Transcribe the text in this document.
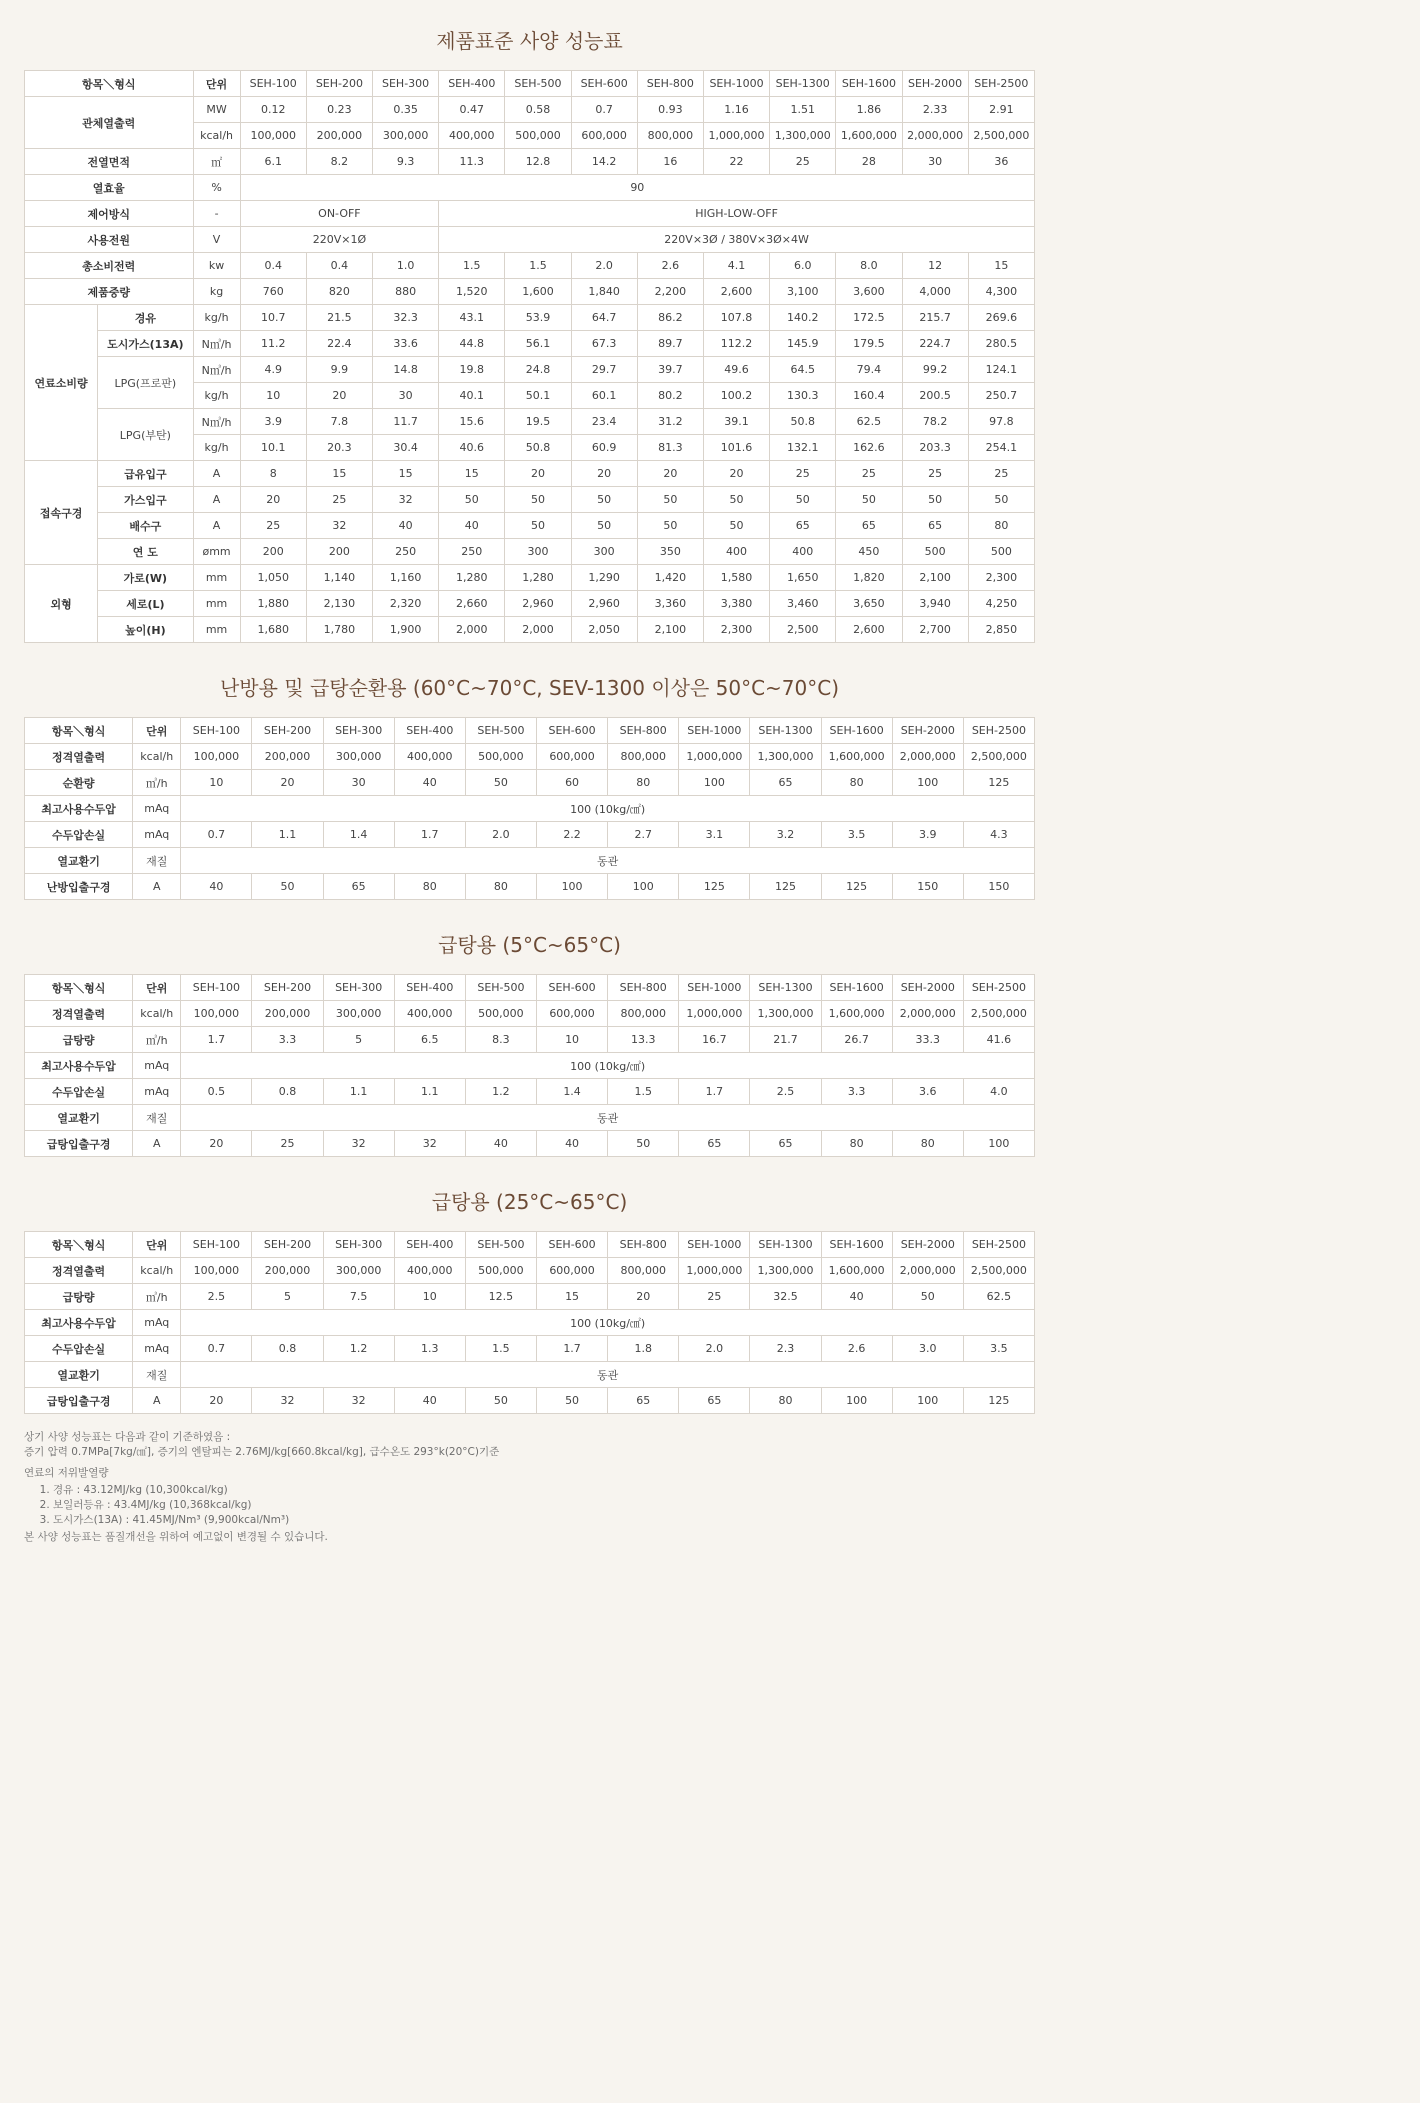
제품표준 사양 성능표
항목＼형식		단위	SEH-100	SEH-200	SEH-300	SEH-400	SEH-500	SEH-600	SEH-800	SEH-1000	SEH-1300	SEH-1600	SEH-2000	SEH-2500
관체열출력		MW	0.12	0.23	0.35	0.47	0.58	0.7	0.93	1.16	1.51	1.86	2.33	2.91
		kcal/h	100,000	200,000	300,000	400,000	500,000	600,000	800,000	1,000,000	1,300,000	1,600,000	2,000,000	2,500,000
전열면적		㎡	6.1	8.2	9.3	11.3	12.8	14.2	16	22	25	28	30	36
열효율		%	90											
제어방식		-	ON-OFF			HIGH-LOW-OFF								
사용전원		V	220V×1Ø			220V×3Ø / 380V×3Ø×4W								
총소비전력		kw	0.4	0.4	1.0	1.5	1.5	2.0	2.6	4.1	6.0	8.0	12	15
제품중량		kg	760	820	880	1,520	1,600	1,840	2,200	2,600	3,100	3,600	4,000	4,300
연료소비량	경유	kg/h	10.7	21.5	32.3	43.1	53.9	64.7	86.2	107.8	140.2	172.5	215.7	269.6
	도시가스(13A)	N㎥/h	11.2	22.4	33.6	44.8	56.1	67.3	89.7	112.2	145.9	179.5	224.7	280.5
	LPG(프로판)	N㎥/h	4.9	9.9	14.8	19.8	24.8	29.7	39.7	49.6	64.5	79.4	99.2	124.1
		kg/h	10	20	30	40.1	50.1	60.1	80.2	100.2	130.3	160.4	200.5	250.7
	LPG(부탄)	N㎥/h	3.9	7.8	11.7	15.6	19.5	23.4	31.2	39.1	50.8	62.5	78.2	97.8
		kg/h	10.1	20.3	30.4	40.6	50.8	60.9	81.3	101.6	132.1	162.6	203.3	254.1
접속구경	급유입구	A	8	15	15	15	20	20	20	20	25	25	25	25
	가스입구	A	20	25	32	50	50	50	50	50	50	50	50	50
	배수구	A	25	32	40	40	50	50	50	50	65	65	65	80
	연 도	ømm	200	200	250	250	300	300	350	400	400	450	500	500
외형	가로(W)	mm	1,050	1,140	1,160	1,280	1,280	1,290	1,420	1,580	1,650	1,820	2,100	2,300
	세로(L)	mm	1,880	2,130	2,320	2,660	2,960	2,960	3,360	3,380	3,460	3,650	3,940	4,250
	높이(H)	mm	1,680	1,780	1,900	2,000	2,000	2,050	2,100	2,300	2,500	2,600	2,700	2,850
난방용 및 급탕순환용 (60°C~70°C, SEV-1300 이상은 50°C~70°C)
항목＼형식	단위	SEH-100	SEH-200	SEH-300	SEH-400	SEH-500	SEH-600	SEH-800	SEH-1000	SEH-1300	SEH-1600	SEH-2000	SEH-2500
정격열출력	kcal/h	100,000	200,000	300,000	400,000	500,000	600,000	800,000	1,000,000	1,300,000	1,600,000	2,000,000	2,500,000
순환량	㎥/h	10	20	30	40	50	60	80	100	65	80	100	125
최고사용수두압	mAq	100 (10kg/㎠)											
수두압손실	mAq	0.7	1.1	1.4	1.7	2.0	2.2	2.7	3.1	3.2	3.5	3.9	4.3
열교환기	재질	동관											
난방입출구경	A	40	50	65	80	80	100	100	125	125	125	150	150
급탕용 (5°C~65°C)
항목＼형식	단위	SEH-100	SEH-200	SEH-300	SEH-400	SEH-500	SEH-600	SEH-800	SEH-1000	SEH-1300	SEH-1600	SEH-2000	SEH-2500
정격열출력	kcal/h	100,000	200,000	300,000	400,000	500,000	600,000	800,000	1,000,000	1,300,000	1,600,000	2,000,000	2,500,000
급탕량	㎥/h	1.7	3.3	5	6.5	8.3	10	13.3	16.7	21.7	26.7	33.3	41.6
최고사용수두압	mAq	100 (10kg/㎠)											
수두압손실	mAq	0.5	0.8	1.1	1.1	1.2	1.4	1.5	1.7	2.5	3.3	3.6	4.0
열교환기	재질	동관											
급탕입출구경	A	20	25	32	32	40	40	50	65	65	80	80	100
급탕용 (25°C~65°C)
항목＼형식	단위	SEH-100	SEH-200	SEH-300	SEH-400	SEH-500	SEH-600	SEH-800	SEH-1000	SEH-1300	SEH-1600	SEH-2000	SEH-2500
정격열출력	kcal/h	100,000	200,000	300,000	400,000	500,000	600,000	800,000	1,000,000	1,300,000	1,600,000	2,000,000	2,500,000
급탕량	㎥/h	2.5	5	7.5	10	12.5	15	20	25	32.5	40	50	62.5
최고사용수두압	mAq	100 (10kg/㎠)											
수두압손실	mAq	0.7	0.8	1.2	1.3	1.5	1.7	1.8	2.0	2.3	2.6	3.0	3.5
열교환기	재질	동관											
급탕입출구경	A	20	32	32	40	50	50	65	65	80	100	100	125

상기 사양 성능표는 다음과 같이 기준하였음 :

증기 압력 0.7MPa[7kg/㎠], 증기의 엔탈피는 2.76MJ/kg[660.8kcal/kg], 급수온도 293°k(20°C)기준

연료의 저위발열량

1. 경유 : 43.12MJ/kg (10,300kcal/kg)
2. 보일러등유 : 43.4MJ/kg (10,368kcal/kg)
3. 도시가스(13A) : 41.45MJ/Nm³ (9,900kcal/Nm³)

본 사양 성능표는 품질개선을 위하여 예고없이 변경될 수 있습니다.
